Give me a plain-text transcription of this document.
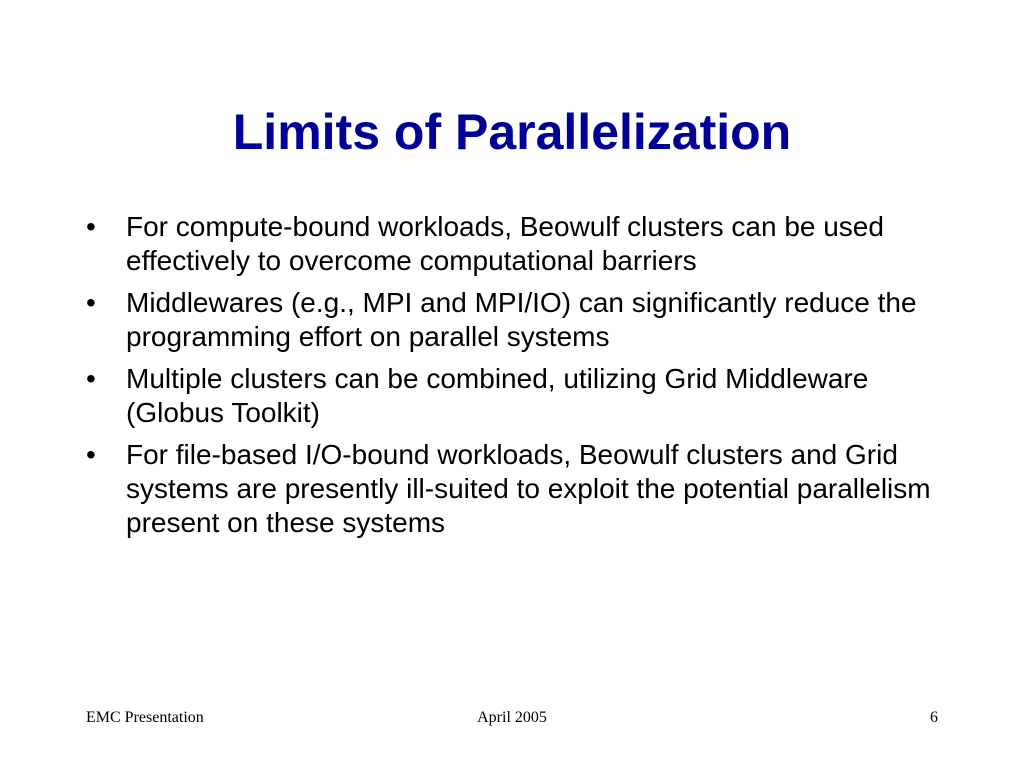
Limits of Parallelization
•	For compute-bound workloads, Beowulf clusters can be used effectively to overcome computational barriers
•	Middlewares (e.g., MPI and MPI/IO) can significantly reduce the programming effort on parallel systems
•	Multiple clusters can be combined, utilizing Grid Middleware (Globus Toolkit)
•	For file-based I/O-bound workloads, Beowulf clusters and Grid systems are presently ill-suited to exploit the potential parallelism present on these systems
EMC Presentation	April 2005	6
